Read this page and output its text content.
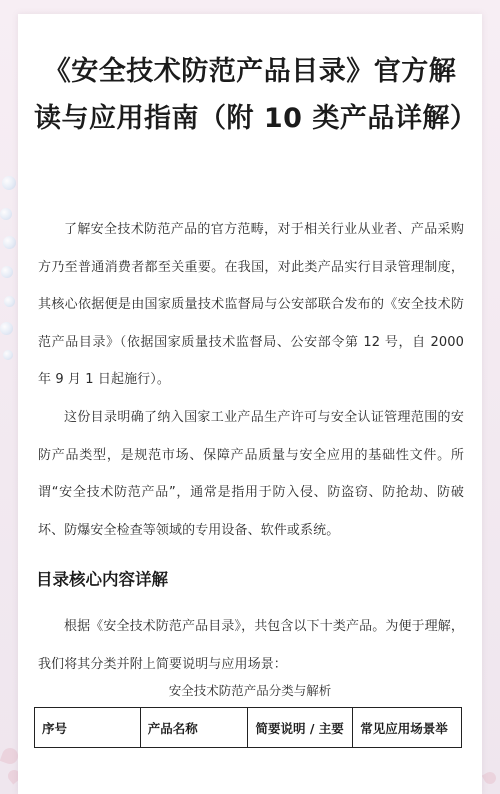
《安全技术防范产品目录》官方解读与应用指南（附 10 类产品详解）

了解安全技术防范产品的官方范畴，对于相关行业从业者、产品采购方乃至普通消费者都至关重要。在我国，对此类产品实行目录管理制度，其核心依据便是由国家质量技术监督局与公安部联合发布的《安全技术防范产品目录》（依据国家质量技术监督局、公安部令第 12 号，自 2000 年 9 月 1 日起施行）。

这份目录明确了纳入国家工业产品生产许可与安全认证管理范围的安防产品类型，是规范市场、保障产品质量与安全应用的基础性文件。所谓“安全技术防范产品”，通常是指用于防入侵、防盗窃、防抢劫、防破坏、防爆安全检查等领域的专用设备、软件或系统。

目录核心内容详解

根据《安全技术防范产品目录》，共包含以下十类产品。为便于理解，我们将其分类并附上简要说明与应用场景：

安全技术防范产品分类与解析
序号	产品名称	简要说明 / 主要	常见应用场景举
